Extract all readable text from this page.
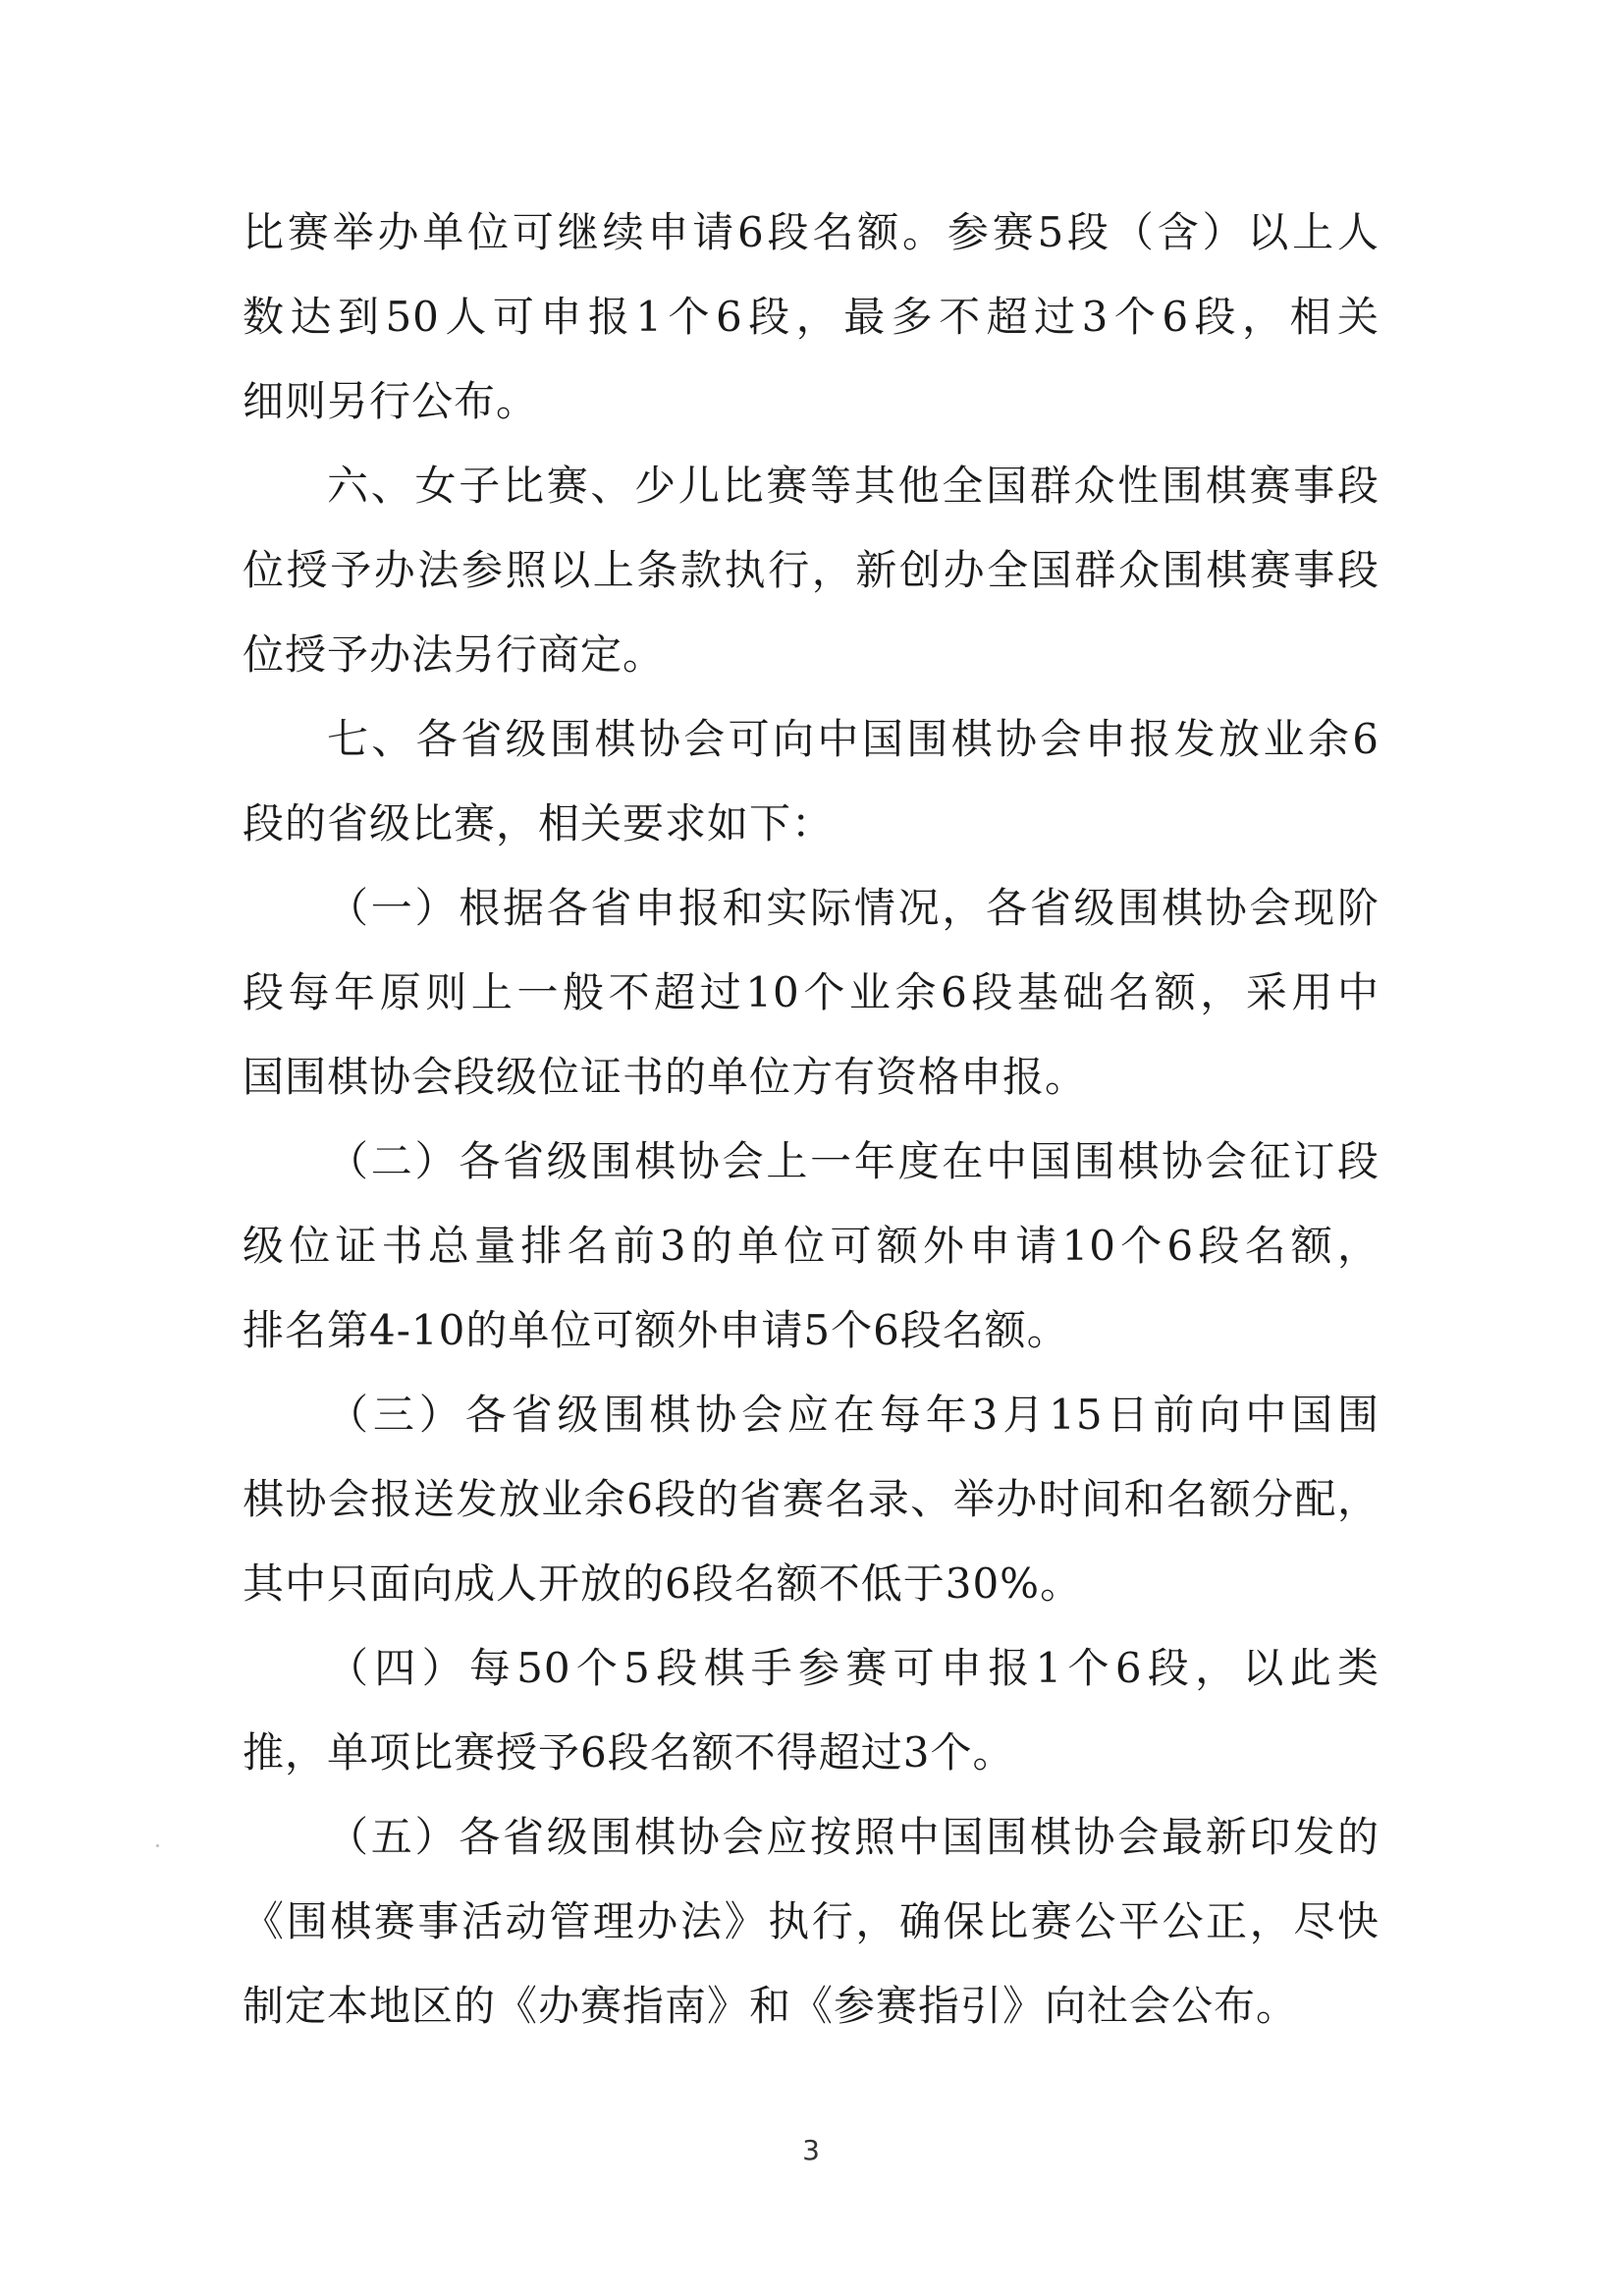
比赛举办单位可继续申请6段名额。参赛5段（含）以上人
数达到50人可申报1个6段，最多不超过3个6段，相关
细则另行公布。
六、女子比赛、少儿比赛等其他全国群众性围棋赛事段
位授予办法参照以上条款执行，新创办全国群众围棋赛事段
位授予办法另行商定。
七、各省级围棋协会可向中国围棋协会申报发放业余6
段的省级比赛，相关要求如下：
（一）根据各省申报和实际情况，各省级围棋协会现阶
段每年原则上一般不超过10个业余6段基础名额，采用中
国围棋协会段级位证书的单位方有资格申报。
（二）各省级围棋协会上一年度在中国围棋协会征订段
级位证书总量排名前3的单位可额外申请10个6段名额，
排名第4-10的单位可额外申请5个6段名额。
（三）各省级围棋协会应在每年3月15日前向中国围
棋协会报送发放业余6段的省赛名录、举办时间和名额分配，
其中只面向成人开放的6段名额不低于30%。
（四）每50个5段棋手参赛可申报1个6段，以此类
推，单项比赛授予6段名额不得超过3个。
（五）各省级围棋协会应按照中国围棋协会最新印发的
《围棋赛事活动管理办法》执行，确保比赛公平公正，尽快
制定本地区的《办赛指南》和《参赛指引》向社会公布。
3
